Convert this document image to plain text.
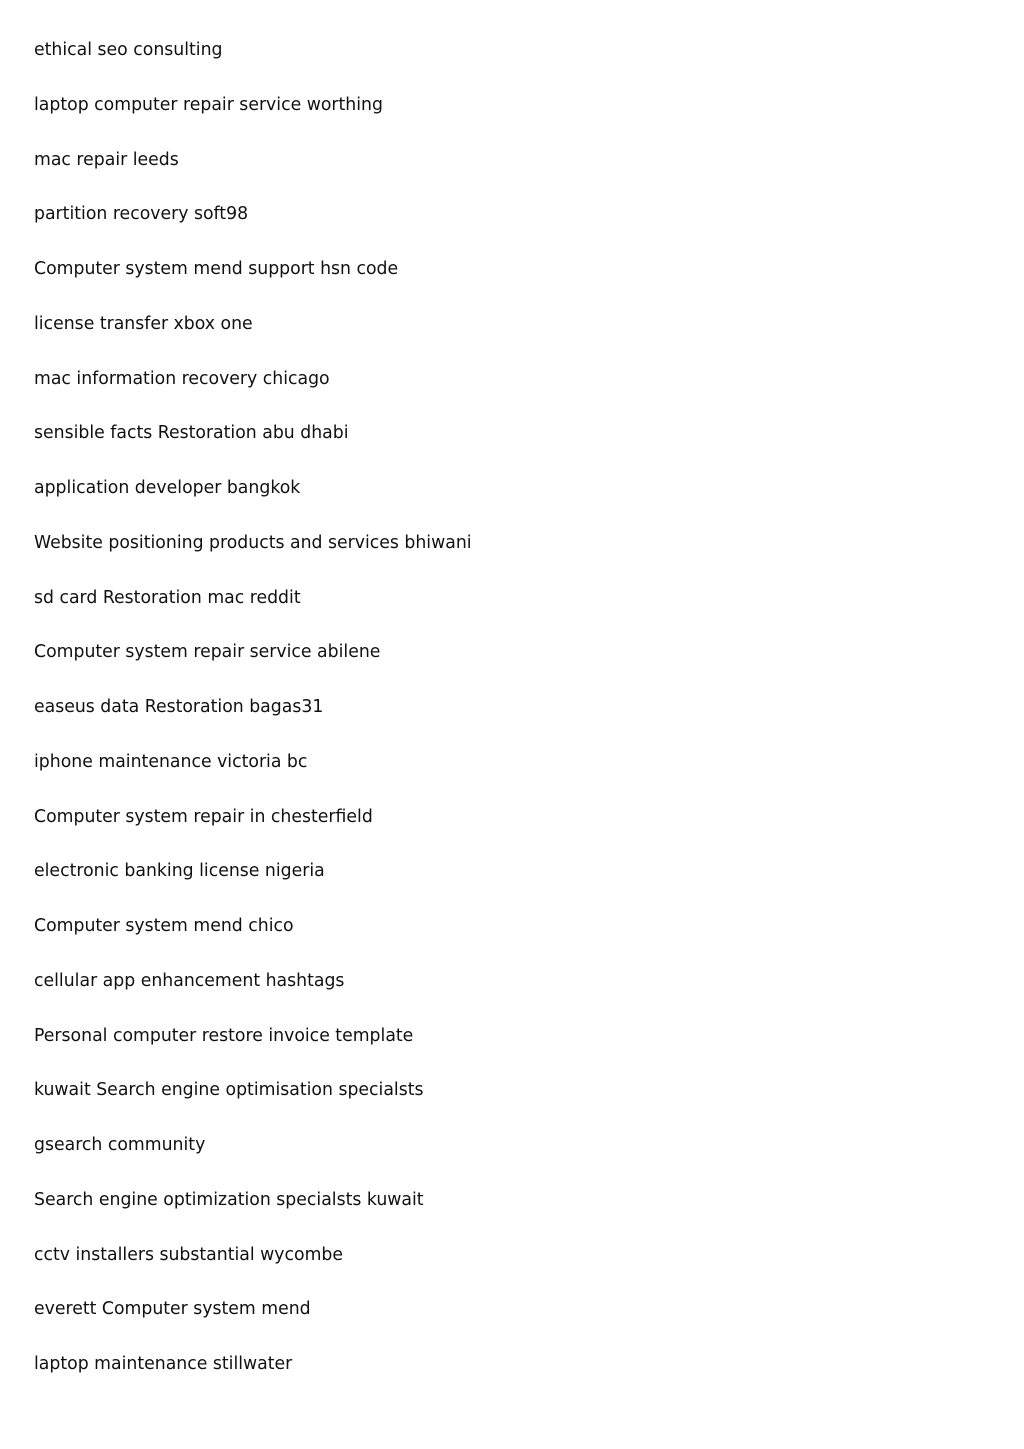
ethical seo consulting
laptop computer repair service worthing
mac repair leeds
partition recovery soft98
Computer system mend support hsn code
license transfer xbox one
mac information recovery chicago
sensible facts Restoration abu dhabi
application developer bangkok
Website positioning products and services bhiwani
sd card Restoration mac reddit
Computer system repair service abilene
easeus data Restoration bagas31
iphone maintenance victoria bc
Computer system repair in chesterfield
electronic banking license nigeria
Computer system mend chico
cellular app enhancement hashtags
Personal computer restore invoice template
kuwait Search engine optimisation specialsts
gsearch community
Search engine optimization specialsts kuwait
cctv installers substantial wycombe
everett Computer system mend
laptop maintenance stillwater
